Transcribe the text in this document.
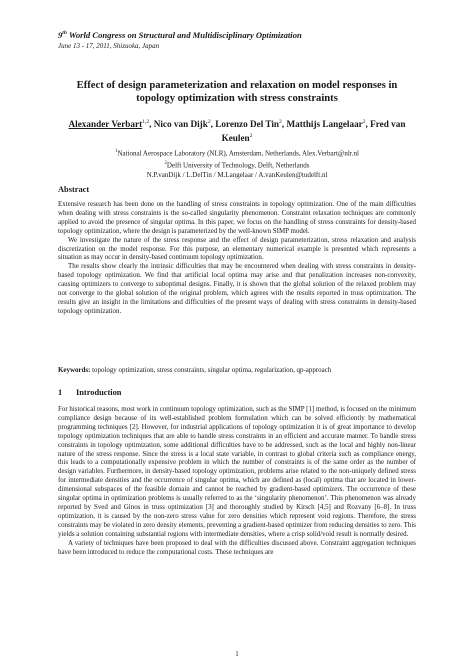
9th World Congress on Structural and Multidisciplinary Optimization
June 13 - 17, 2011, Shizuoka, Japan
Effect of design parameterization and relaxation on model responses in topology optimization with stress constraints
Alexander Verbart$^{1,2}$, Nico van Dijk$^2$, Lorenzo Del Tin$^2$, Matthijs Langelaar$^2$, Fred van Keulen$^2$
$^1$National Aerospace Laboratory (NLR), Amsterdam, Netherlands, Alex.Verbart@nlr.nl
$^2$Delft University of Technology, Delft, Netherlands
N.P.vanDijk / L.DelTin / M.Langelaar / A.vanKeulen@tudelft.nl
Abstract

Extensive research has been done on the handling of stress constraints in topology optimization. One of the main difficulties when dealing with stress constraints is the so-called singularity phenomenon. Constraint relaxation techniques are commonly applied to avoid the presence of singular optima. In this paper, we focus on the handling of stress constraints for density-based topology optimization, where the design is parameterized by the well-known SIMP model.

We investigate the nature of the stress response and the effect of design parameterization, stress relaxation and analysis discretization on the model response. For this purpose, an elementary numerical example is presented which represents a situation as may occur in density-based continuum topology optimization.

The results show clearly the intrinsic difficulties that may be encountered when dealing with stress constraints in density-based topology optimization. We find that artificial local optima may arise and that penalization increases non-convexity, causing optimizers to converge to suboptimal designs. Finally, it is shown that the global solution of the relaxed problem may not converge to the global solution of the original problem, which agrees with the results reported in truss optimization. The results give an insight in the limitations and difficulties of the present ways of dealing with stress constraints in density-based topology optimization.

Keywords: topology optimization, stress constraints, singular optima, regularization, qp-approach
1 Introduction

For historical reasons, most work in continuum topology optimization, such as the SIMP [1] method, is focused on the minimum compliance design because of its well-established problem formulation which can be solved efficiently by mathematical programming techniques [2]. However, for industrial applications of topology optimization it is of great importance to develop topology optimization techniques that are able to handle stress constraints in an efficient and accurate manner. To handle stress constraints in topology optimization, some additional difficulties have to be addressed, such as the local and highly non-linear nature of the stress response. Since the stress is a local state variable, in contrast to global criteria such as compliance energy, this leads to a computationally expensive problem in which the number of constraints is of the same order as the number of design variables. Furthermore, in density-based topology optimization, problems arise related to the non-uniquely defined stress for intermediate densities and the occurrence of singular optima, which are defined as (local) optima that are located in lower-dimensional subspaces of the feasible domain and cannot be reached by gradient-based optimizers. The occurrence of these singular optima in optimization problems is usually referred to as the ‘singularity phenomenon’. This phenomenon was already reported by Sved and Ginos in truss optimization [3] and thoroughly studied by Kirsch [4,5] and Rozvany [6–8]. In truss optimization, it is caused by the non-zero stress value for zero densities which represent void regions. Therefore, the stress constraints may be violated in zero density elements, preventing a gradient-based optimizer from reducing densities to zero. This yields a solution containing substantial regions with intermediate densities, where a crisp solid/void result is normally desired.

A variety of techniques have been proposed to deal with the difficulties discussed above. Constraint aggregation techniques have been introduced to reduce the computational costs. These techniques are

1
